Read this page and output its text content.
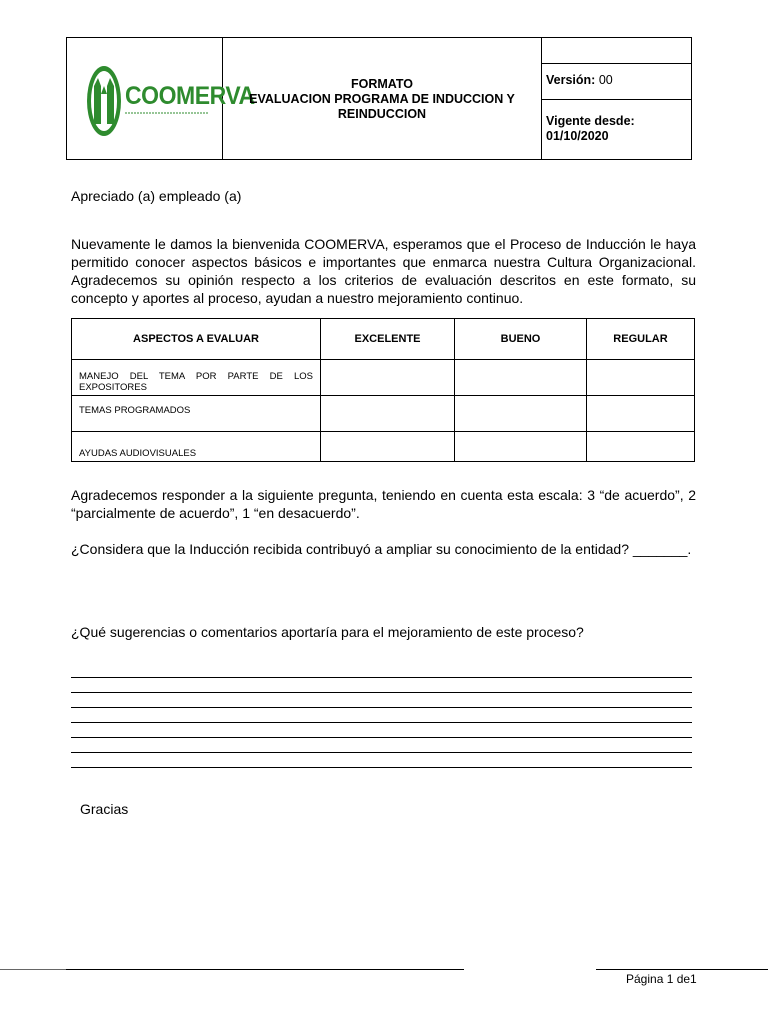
COOMERVA	FORMATO
EVALUACION PROGRAMA DE INDUCCION Y
REINDUCCION
Versión: 00
Vigente desde:
01/10/2020
Apreciado (a) empleado (a)
Nuevamente le damos la bienvenida COOMERVA, esperamos que el Proceso de Inducción le haya permitido conocer aspectos básicos e importantes que enmarca nuestra Cultura Organizacional. Agradecemos su opinión respecto a los criterios de evaluación descritos en este formato, su concepto y aportes al proceso, ayudan a nuestro mejoramiento continuo.
ASPECTOS A EVALUAR	EXCELENTE	BUENO	REGULAR
MANEJO DEL TEMA POR PARTE DE LOS EXPOSITORES			
TEMAS PROGRAMADOS			
AYUDAS AUDIOVISUALES			
Agradecemos responder a la siguiente pregunta, teniendo en cuenta esta escala: 3 “de acuerdo”, 2 “parcialmente de acuerdo”, 1 “en desacuerdo”.
¿Considera que la Inducción recibida contribuyó a ampliar su conocimiento de la entidad? _______.
¿Qué sugerencias o comentarios aportaría para el mejoramiento de este proceso?
Gracias
Página 1 de1
